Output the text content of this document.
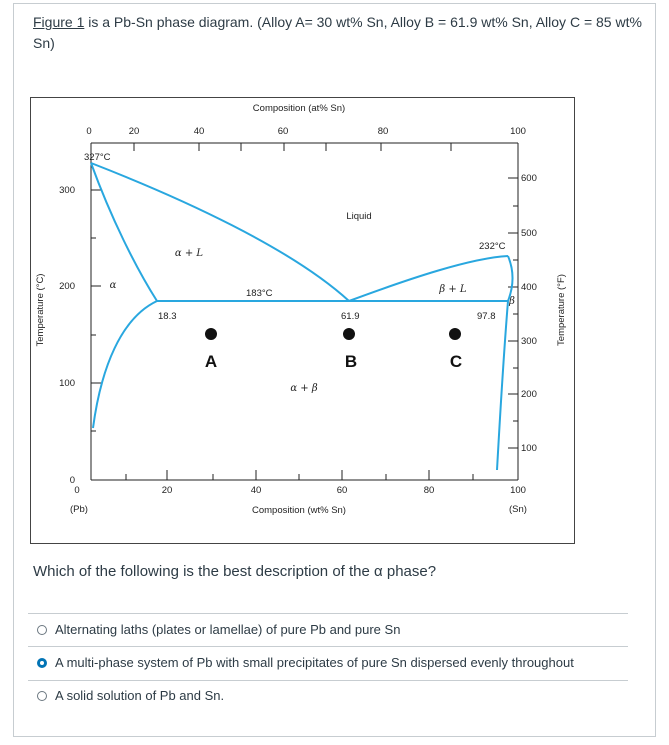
Figure 1 is a Pb-Sn phase diagram. (Alloy A= 30 wt% Sn, Alloy B = 61.9 wt% Sn, Alloy C = 85 wt% Sn)
Composition (at% Sn)
Composition (wt% Sn)
Temperature (°C)	Temperature (°F)
0	20	40	60	80	100
0	20	40	60	80	100
(Pb)	(Sn)
0
100
200
300
100
200
300
400
500
600
327°C
232°C
183°C
18.3	61.9	97.8
Liquid
α + L
β + L
α + β
α
β
A	B	C
Which of the following is the best description of the α phase?
Alternating laths (plates or lamellae) of pure Pb and pure Sn
A multi-phase system of Pb with small precipitates of pure Sn dispersed evenly throughout
A solid solution of Pb and Sn.
